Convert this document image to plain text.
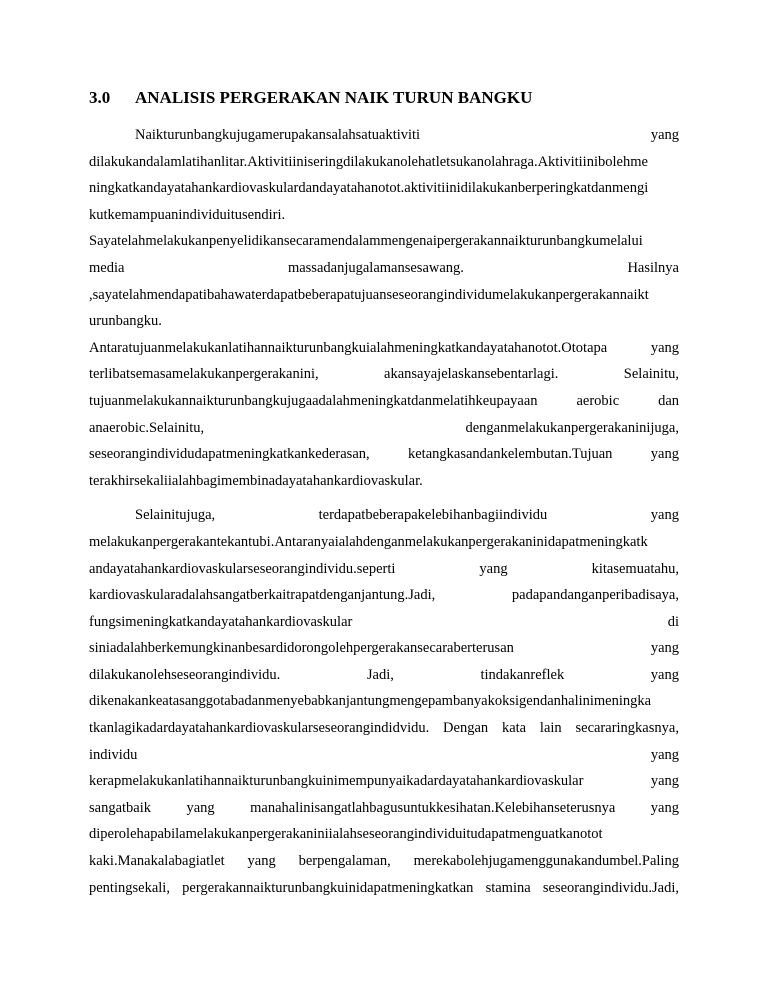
3.0	ANALISIS PERGERAKAN NAIK TURUN BANGKU
Naikturunbangkujugamerupakansalahsatuaktiviti	yang
dilakukandalamlatihanlitar.Aktivitiiniseringdilakukanolehatletsukanolahraga.Aktivitiinibolehme
ningkatkandayatahankardiovaskulardandayatahanotot.aktivitiinidilakukanberperingkatdanmengi
kutkemampuanindividuitusendiri.
Sayatelahmelakukanpenyelidikansecaramendalammengenaipergerakannaikturunbangkumelalui
media	massadanjugalamansesawang.	Hasilnya
,sayatelahmendapatibahawaterdapatbeberapatujuanseseorangindividumelakukanpergerakannaikt
urunbangku.
Antaratujuanmelakukanlatihannaikturunbangkuialahmeningkatkandayatahanotot.Ototapa	yang
terlibatsemasamelakukanpergerakanini,	akansayajelaskansebentarlagi.	Selainitu,
tujuanmelakukannaikturunbangkujugaadalahmeningkatdanmelatihkeupayaan	aerobic	dan
anaerobic.Selainitu,	denganmelakukanpergerakaninijuga,
seseorangindividudapatmeningkatkankederasan,	ketangkasandankelembutan.Tujuan	yang
terakhirsekaliialahbagimembinadayatahankardiovaskular.
Selainitujuga,	terdapatbeberapakelebihanbagiindividu	yang
melakukanpergerakantekantubi.Antaranyaialahdenganmelakukanpergerakaninidapatmeningkatk
andayatahankardiovaskularseseorangindividu.seperti	yang	kitasemuatahu,
kardiovaskularadalahsangatberkaitrapatdenganjantung.Jadi,	padapandanganperibadisaya,
fungsimeningkatkandayatahankardiovaskular	di
siniadalahberkemungkinanbesardidorongolehpergerakansecaraberterusan	yang
dilakukanolehseseorangindividu.	Jadi,	tindakanreflek	yang
dikenakankeatasanggotabadanmenyebabkanjantungmengepambanyakoksigendanhalinimeningka
tkanlagikadardayatahankardiovaskularseseorangindidvidu. Dengan kata lain secararingkasnya,
individu	yang
kerapmelakukanlatihannaikturunbangkuinimempunyaikadardayatahankardiovaskular	yang
sangatbaik yang manahalinisangatlahbagusuntukkesihatan.Kelebihanseterusnya yang
diperolehapabilamelakukanpergerakaniniialahseseorangindividuitudapatmenguatkanotot
kaki.Manakalabagiatlet yang berpengalaman, merekabolehjugamenggunakandumbel.Paling
pentingsekali, pergerakannaikturunbangkuinidapatmeningkatkan stamina seseorangindividu.Jadi,
